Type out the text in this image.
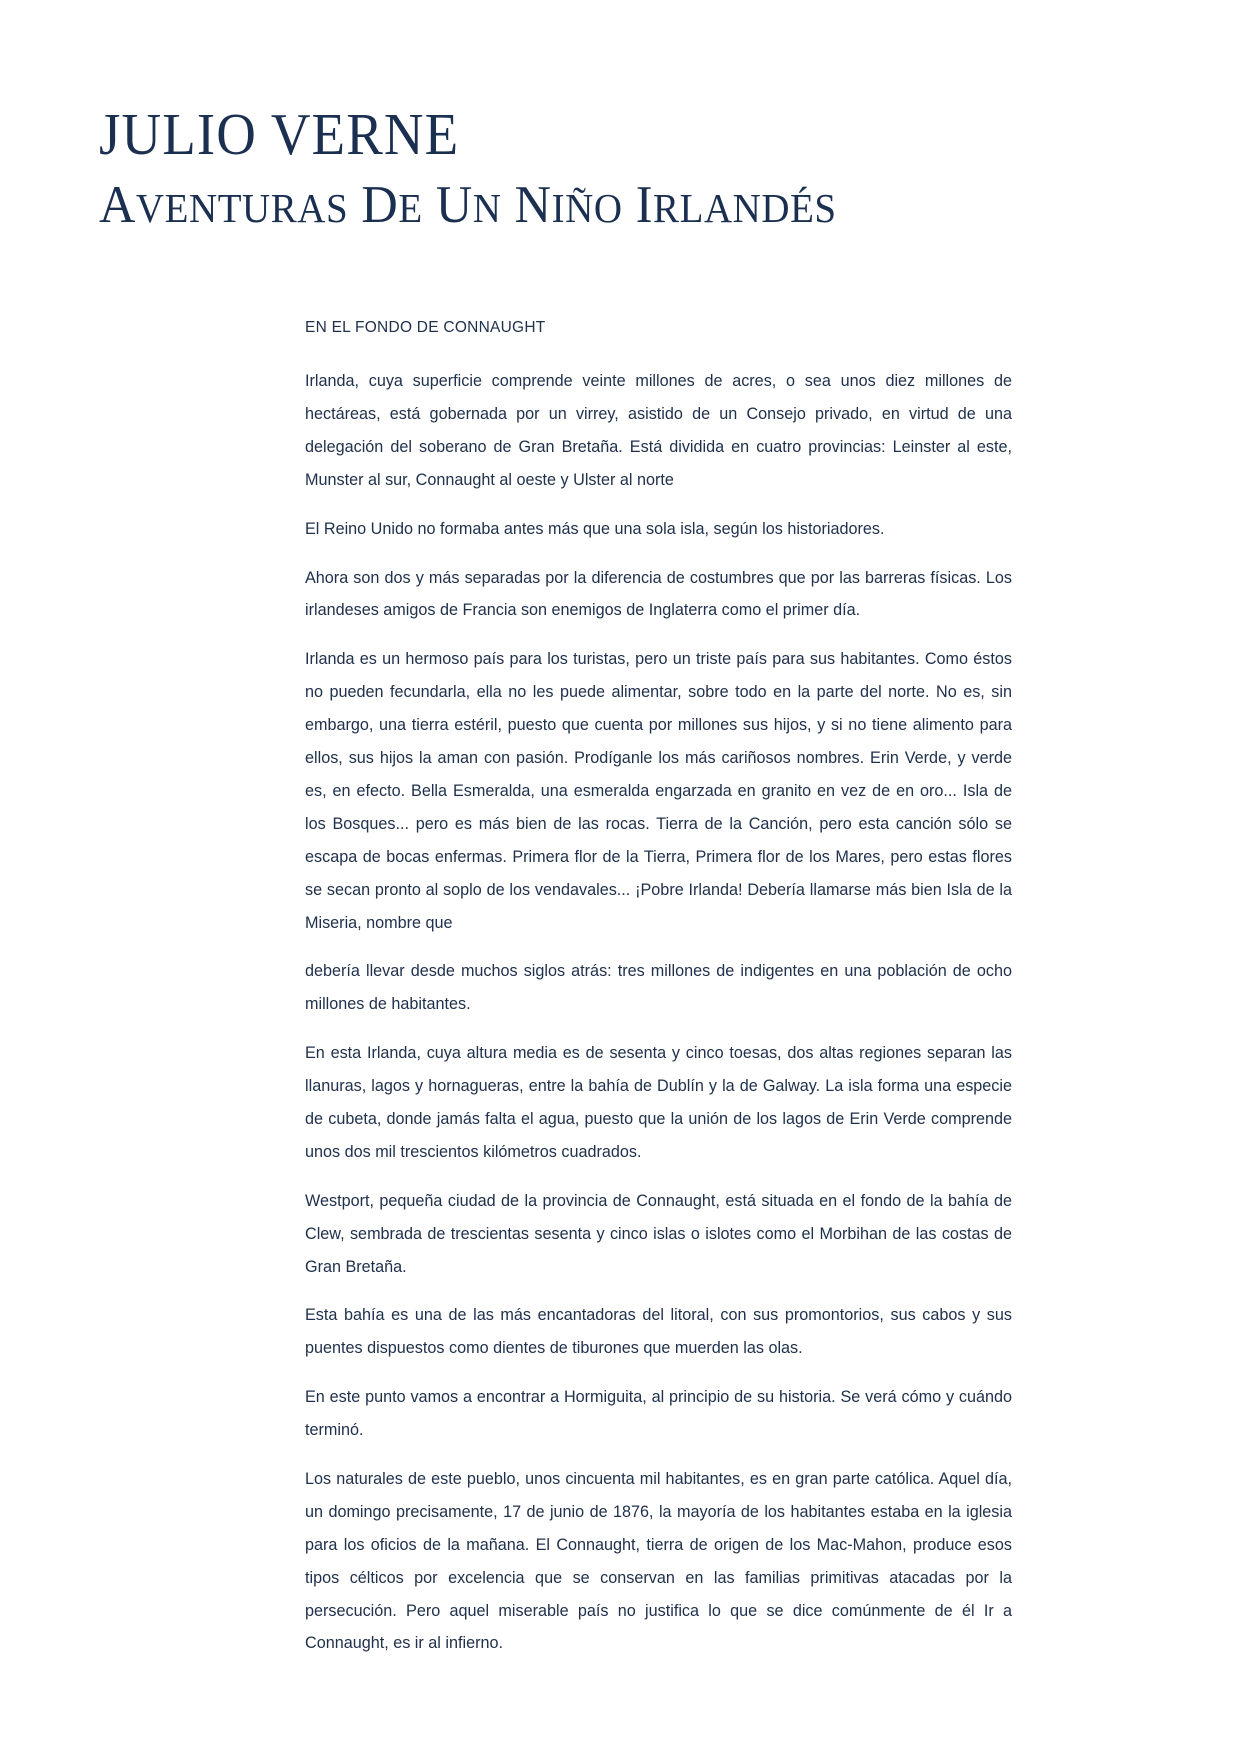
JULIO VERNE
AVENTURAS DE UN NIÑO IRLANDÉS
EN EL FONDO DE CONNAUGHT

Irlanda, cuya superficie comprende veinte millones de acres, o sea unos diez millones de hectáreas, está gobernada por un virrey, asistido de un Consejo privado, en virtud de una delegación del soberano de Gran Bretaña. Está dividida en cuatro provincias: Leinster al este, Munster al sur, Connaught al oeste y Ulster al norte

El Reino Unido no formaba antes más que una sola isla, según los historiadores.

Ahora son dos y más separadas por la diferencia de costumbres que por las barreras físicas. Los irlandeses amigos de Francia son enemigos de Inglaterra como el primer día.

Irlanda es un hermoso país para los turistas, pero un triste país para sus habitantes. Como éstos no pueden fecundarla, ella no les puede alimentar, sobre todo en la parte del norte. No es, sin embargo, una tierra estéril, puesto que cuenta por millones sus hijos, y si no tiene alimento para ellos, sus hijos la aman con pasión. Prodíganle los más cariñosos nombres. Erin Verde, y verde es, en efecto. Bella Esmeralda, una esmeralda engarzada en granito en vez de en oro... Isla de los Bosques... pero es más bien de las rocas. Tierra de la Canción, pero esta canción sólo se escapa de bocas enfermas. Primera flor de la Tierra, Primera flor de los Mares, pero estas flores se secan pronto al soplo de los vendavales... ¡Pobre Irlanda! Debería llamarse más bien Isla de la Miseria, nombre que

debería llevar desde muchos siglos atrás: tres millones de indigentes en una población de ocho millones de habitantes.

En esta Irlanda, cuya altura media es de sesenta y cinco toesas, dos altas regiones separan las llanuras, lagos y hornagueras, entre la bahía de Dublín y la de Galway. La isla forma una especie de cubeta, donde jamás falta el agua, puesto que la unión de los lagos de Erin Verde comprende unos dos mil trescientos kilómetros cuadrados.

Westport, pequeña ciudad de la provincia de Connaught, está situada en el fondo de la bahía de Clew, sembrada de trescientas sesenta y cinco islas o islotes como el Morbihan de las costas de Gran Bretaña.

Esta bahía es una de las más encantadoras del litoral, con sus promontorios, sus cabos y sus puentes dispuestos como dientes de tiburones que muerden las olas.

En este punto vamos a encontrar a Hormiguita, al principio de su historia. Se verá cómo y cuándo terminó.

Los naturales de este pueblo, unos cincuenta mil habitantes, es en gran parte católica. Aquel día, un domingo precisamente, 17 de junio de 1876, la mayoría de los habitantes estaba en la iglesia para los oficios de la mañana. El Connaught, tierra de origen de los Mac-Mahon, produce esos tipos célticos por excelencia que se conservan en las familias primitivas atacadas por la persecución. Pero aquel miserable país no justifica lo que se dice comúnmente de él Ir a Connaught, es ir al infierno.
